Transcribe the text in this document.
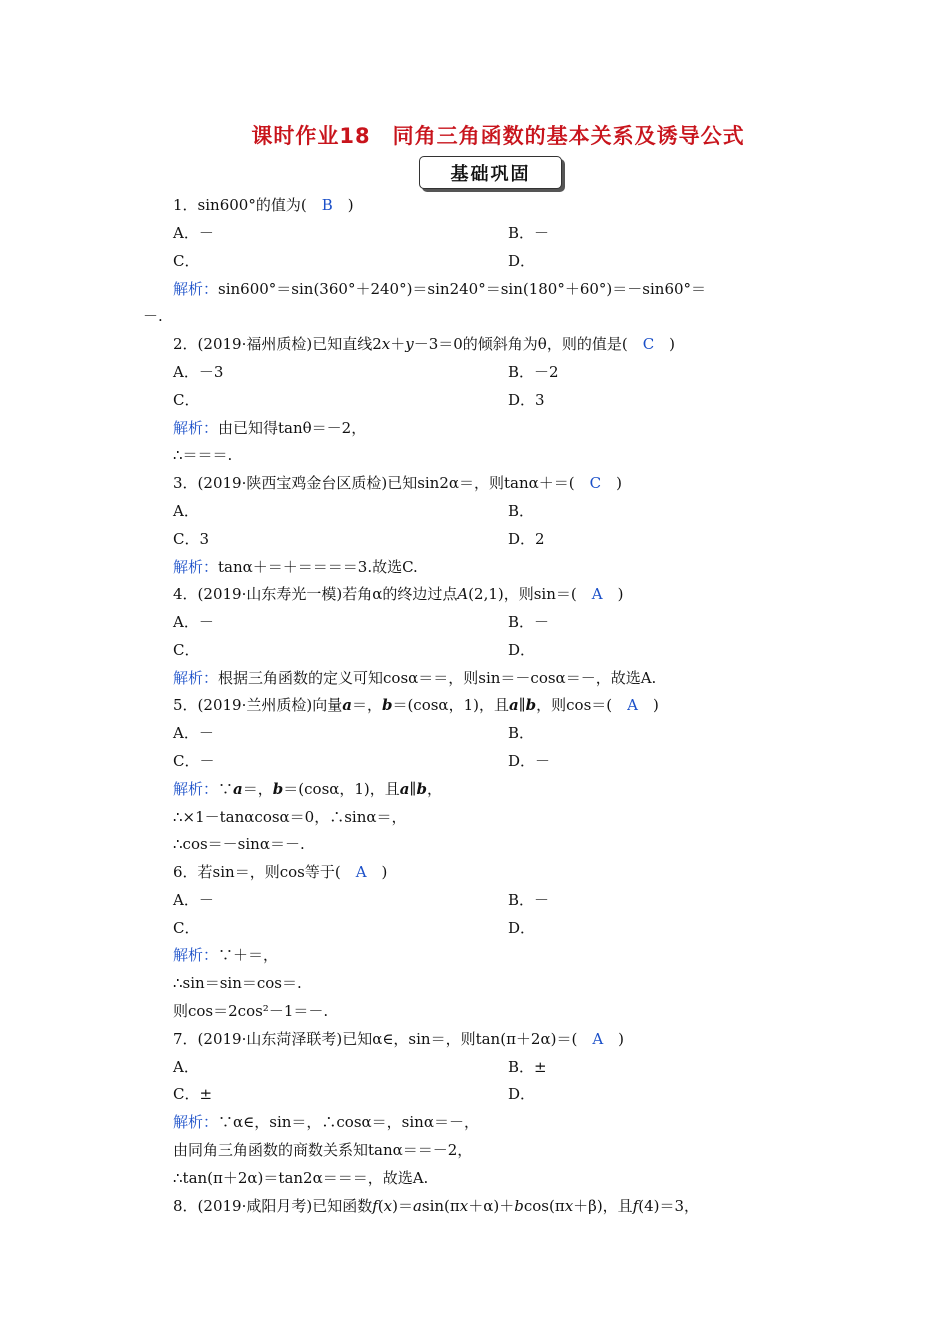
课时作业18　同角三角函数的基本关系及诱导公式
基础巩固
1．sin600°的值为(　B　)
A．－	B．－
C．	D．
解析：sin600°＝sin(360°＋240°)＝sin240°＝sin(180°＋60°)＝－sin60°＝
－.
2．(2019·福州质检)已知直线2x＋y－3＝0的倾斜角为θ，则的值是(　C　)
A．－3	B．－2
C．	D．3
解析：由已知得tanθ＝－2，
∴＝＝＝.
3．(2019·陕西宝鸡金台区质检)已知sin2α＝，则tanα＋＝(　C　)
A．	B．
C．3	D．2
解析：tanα＋＝＋＝＝＝＝3.故选C.
4．(2019·山东寿光一模)若角α的终边过点A(2,1)，则sin＝(　A　)
A．－	B．－
C．	D．
解析：根据三角函数的定义可知cosα＝＝，则sin＝－cosα＝－，故选A.
5．(2019·兰州质检)向量a＝，b＝(cosα，1)，且a∥b，则cos＝(　A　)
A．－	B．
C．－	D．－
解析：∵a＝，b＝(cosα，1)，且a∥b，
∴×1－tanαcosα＝0，∴sinα＝，
∴cos＝－sinα＝－.
6．若sin＝，则cos等于(　A　)
A．－	B．－
C．	D．
解析：∵＋＝，
∴sin＝sin＝cos＝.
则cos＝2cos²－1＝－.
7．(2019·山东菏泽联考)已知α∈，sin＝，则tan(π＋2α)＝(　A　)
A．	B．±
C．±	D．
解析：∵α∈，sin＝，∴cosα＝，sinα＝－，
由同角三角函数的商数关系知tanα＝＝－2，
∴tan(π＋2α)＝tan2α＝＝＝，故选A.
8．(2019·咸阳月考)已知函数f(x)＝asin(πx＋α)＋bcos(πx＋β)，且f(4)＝3，
